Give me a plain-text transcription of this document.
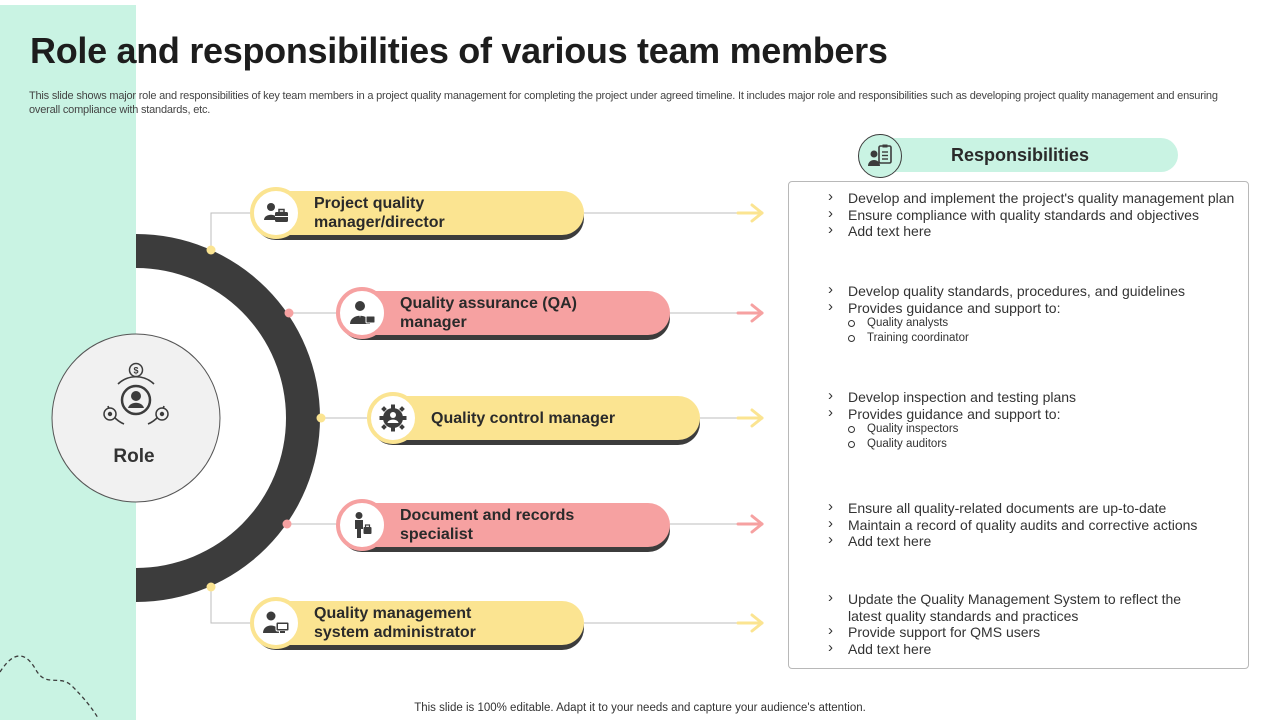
Role and responsibilities of various team members
This slide shows major role and responsibilities of key team members in a project quality management for completing the project under agreed timeline. It includes major role and responsibilities such as developing project quality management and ensuring overall compliance with standards, etc.
$
Role
Project quality
manager/director
Quality assurance (QA)
manager
Quality control manager
Document and records
specialist
Quality management
system administrator
Responsibilities
› Develop and implement the project's quality management plan
› Ensure compliance with quality standards and objectives
› Add text here
› Develop quality standards, procedures, and guidelines
› Provides guidance and support to:
Quality analysts
Training coordinator
› Develop inspection and testing plans
› Provides guidance and support to:
Quality inspectors
Quality auditors
› Ensure all quality-related documents are up-to-date
› Maintain a record of quality audits and corrective actions
› Add text here
› Update the Quality Management System to reflect the
latest quality standards and practices
› Provide support for QMS users
› Add text here
This slide is 100% editable. Adapt it to your needs and capture your audience's attention.
